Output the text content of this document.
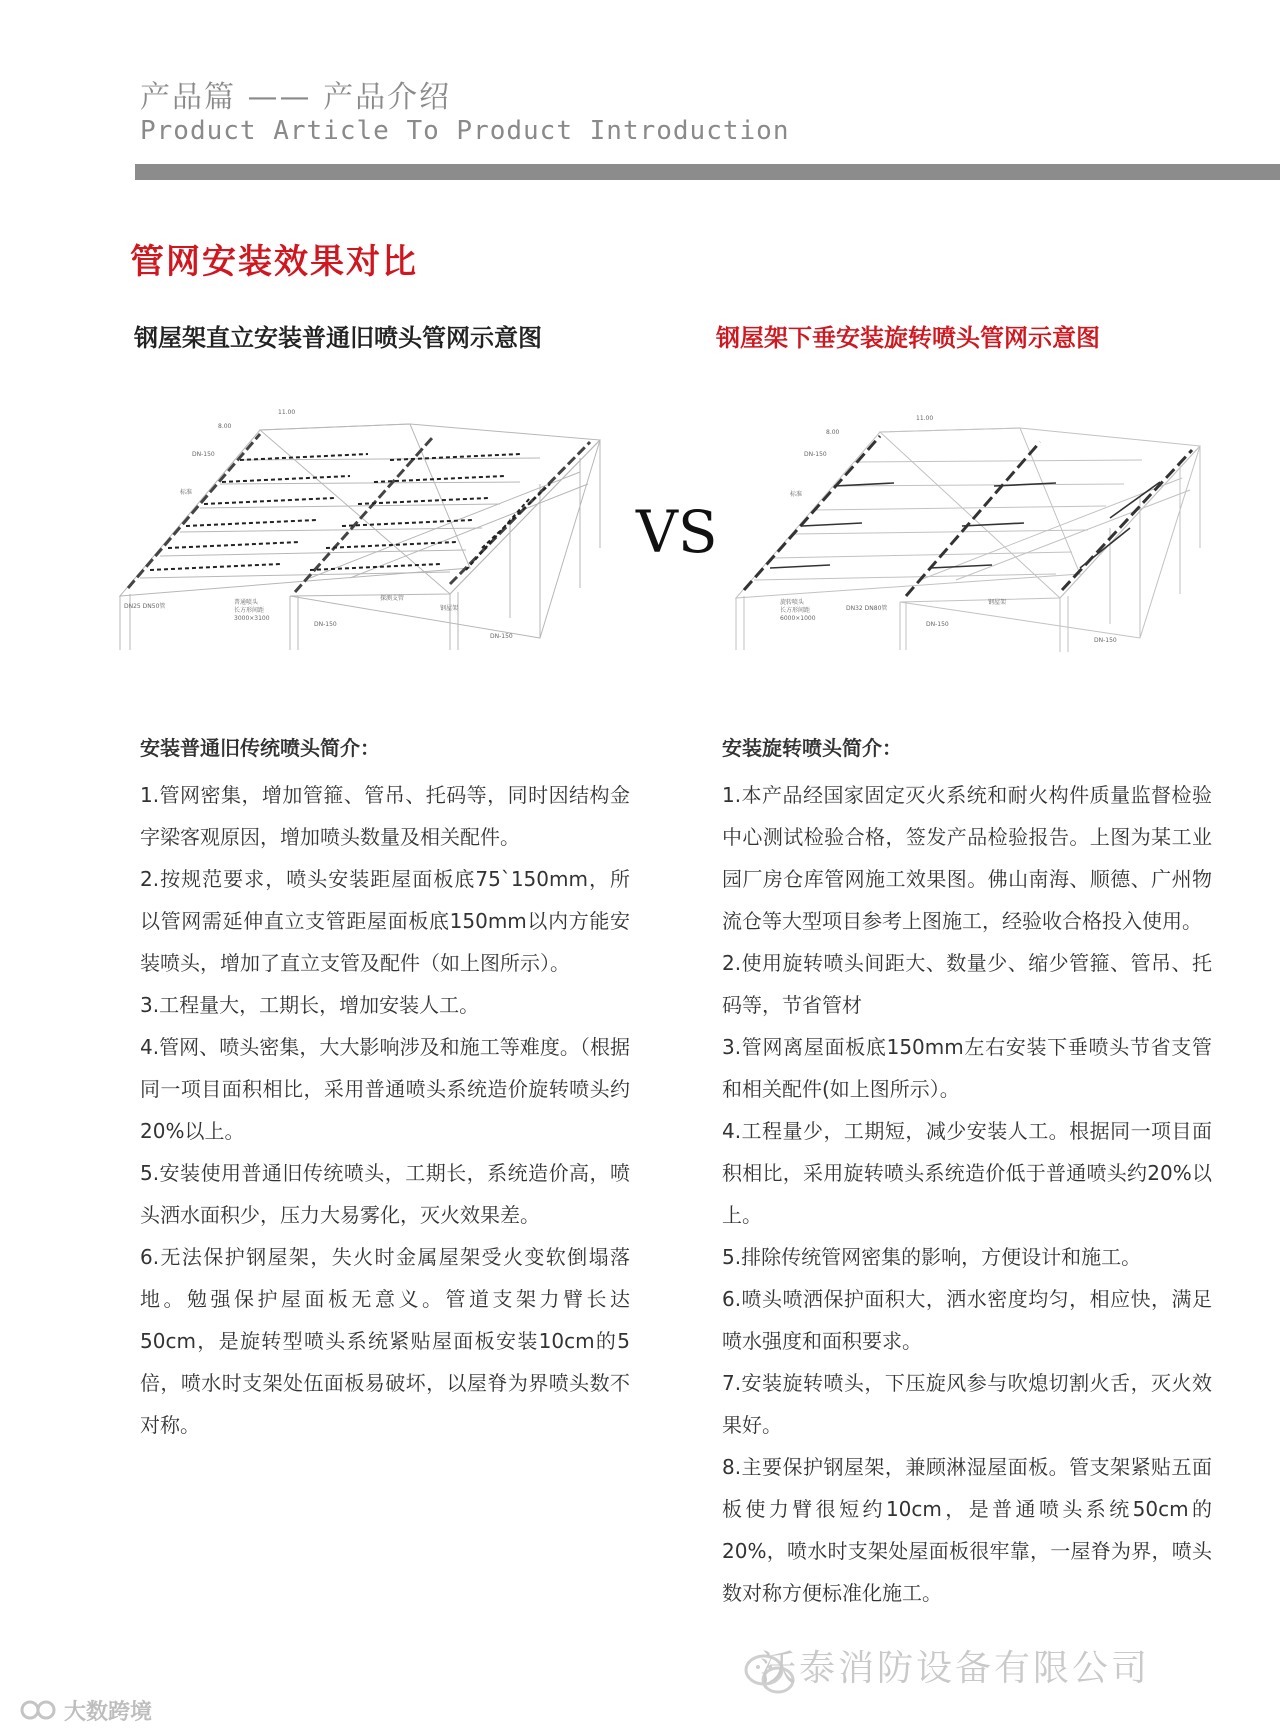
产品篇 —— 产品介绍
Product Article To Product Introduction
管网安装效果对比
钢屋架直立安装普通旧喷头管网示意图	钢屋架下垂安装旋转喷头管网示意图
11.00
8.00
DN-150
标准
普通喷头
长方形间距
3000×3100
DN25 DN50管
探测支管
钢屋架
DN-150
DN-150
VS
11.00
8.00
DN-150
标准
旋转喷头
长方形间距
6000×1000
DN32 DN80管
钢屋架
DN-150
DN-150
安装普通旧传统喷头简介：

1.管网密集，增加管箍、管吊、托码等，同时因结构金字梁客观原因，增加喷头数量及相关配件。

2.按规范要求，喷头安装距屋面板底75`150mm，所以管网需延伸直立支管距屋面板底150mm以内方能安装喷头，增加了直立支管及配件（如上图所示）。

3.工程量大，工期长，增加安装人工。

4.管网、喷头密集，大大影响涉及和施工等难度。（根据同一项目面积相比，采用普通喷头系统造价旋转喷头约20%以上。

5.安装使用普通旧传统喷头，工期长，系统造价高，喷头洒水面积少，压力大易雾化，灭火效果差。

6.无法保护钢屋架，失火时金属屋架受火变软倒塌落地。勉强保护屋面板无意义。管道支架力臂长达50cm，是旋转型喷头系统紧贴屋面板安装10cm的5倍，喷水时支架处伍面板易破坏，以屋脊为界喷头数不对称。

安装旋转喷头简介：

1.本产品经国家固定灭火系统和耐火构件质量监督检验中心测试检验合格，签发产品检验报告。上图为某工业园厂房仓库管网施工效果图。佛山南海、顺德、广州物流仓等大型项目参考上图施工，经验收合格投入使用。

2.使用旋转喷头间距大、数量少、缩少管箍、管吊、托码等，节省管材

3.管网离屋面板底150mm左右安装下垂喷头节省支管和相关配件(如上图所示）。

4.工程量少，工期短，减少安装人工。根据同一项目面积相比，采用旋转喷头系统造价低于普通喷头约20%以上。

5.排除传统管网密集的影响，方便设计和施工。

6.喷头喷洒保护面积大，洒水密度均匀，相应快，满足喷水强度和面积要求。

7.安装旋转喷头，下压旋风参与吹熄切割火舌，灭火效果好。

8.主要保护钢屋架，兼顾淋湿屋面板。管支架紧贴五面板使力臂很短约10cm，是普通喷头系统50cm的20%，喷水时支架处屋面板很牢靠，一屋脊为界，喷头数对称方便标准化施工。

沃泰消防设备有限公司
大数跨境
